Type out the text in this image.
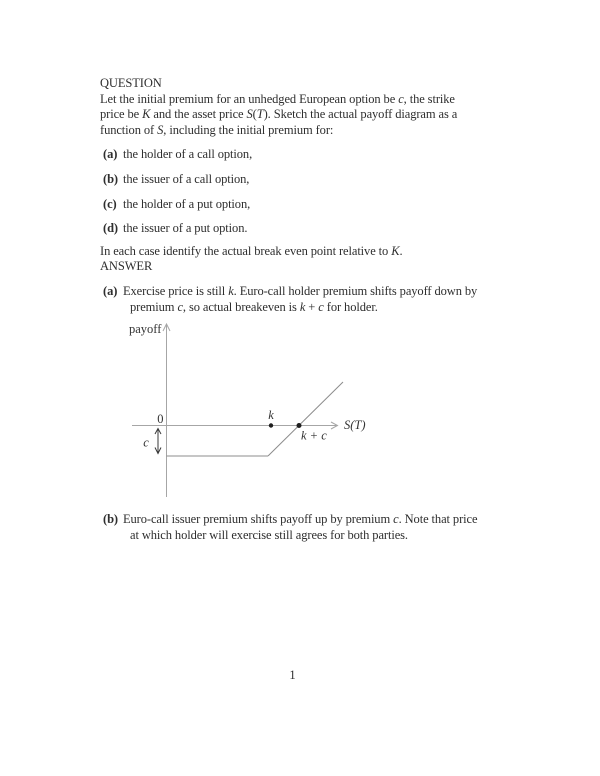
QUESTION
Let the initial premium for an unhedged European option be c, the strike
price be K and the asset price S(T). Sketch the actual payoff diagram as a
function of S, including the initial premium for:
(a) the holder of a call option,
(b) the issuer of a call option,
(c) the holder of a put option,
(d) the issuer of a put option.
In each case identify the actual break even point relative to K.
ANSWER
(a) Exercise price is still k. Euro-call holder premium shifts payoff down by
premium c, so actual breakeven is k + c for holder.
payoff
0	k
k + c
S(T)
c
(b) Euro-call issuer premium shifts payoff up by premium c. Note that price
at which holder will exercise still agrees for both parties.
1
